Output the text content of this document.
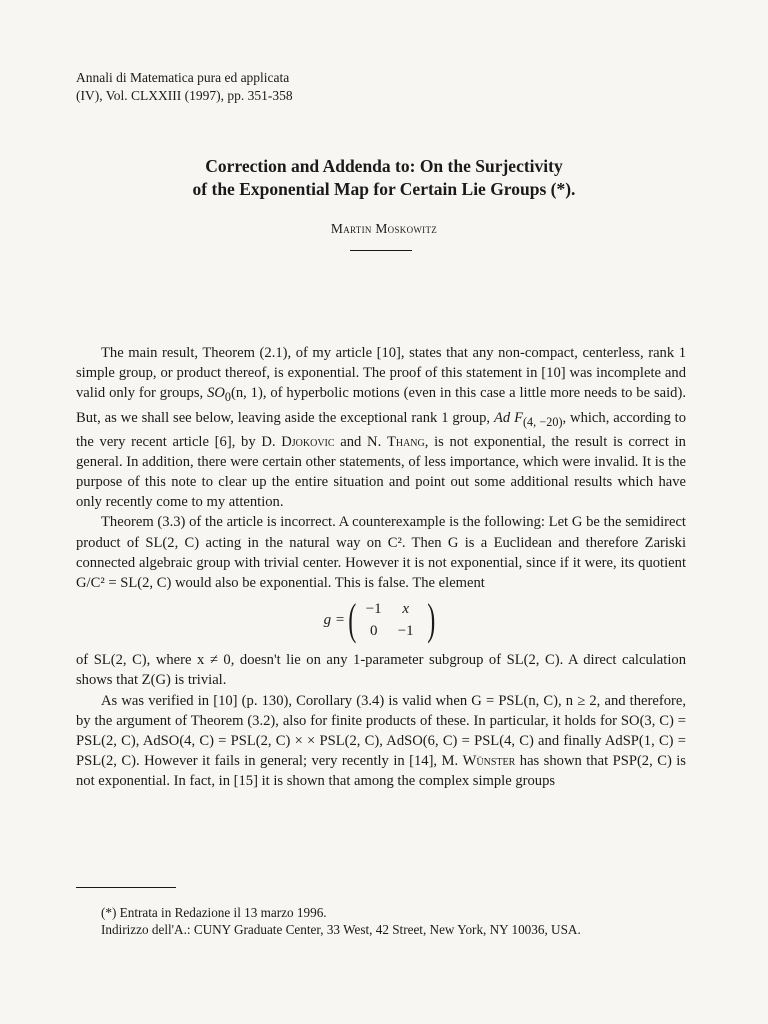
Annali di Matematica pura ed applicata
(IV), Vol. CLXXIII (1997), pp. 351-358
Correction and Addenda to: On the Surjectivity
of the Exponential Map for Certain Lie Groups (*).
Martin Moskowitz

The main result, Theorem (2.1), of my article [10], states that any non-compact, centerless, rank 1 simple group, or product thereof, is exponential. The proof of this statement in [10] was incomplete and valid only for groups, $SO_0(n$, 1), of hyperbolic motions (even in this case a little more needs to be said). But, as we shall see below, leaving aside the exceptional rank 1 group, Ad $F_{(4, -20)}$, which, according to the very recent article [6], by D. Djokovic and N. Thang, is not exponential, the result is correct in general. In addition, there were certain other statements, of less importance, which were invalid. It is the purpose of this note to clear up the entire situation and point out some additional results which have only recently come to my attention.

Theorem (3.3) of the article is incorrect. A counterexample is the following: Let G be the semidirect product of SL(2, C) acting in the natural way on C². Then G is a Euclidean and therefore Zariski connected algebraic group with trivial center. However it is not exponential, since if it were, its quotient G/C² = SL(2, C) would also be exponential. This is false. The element

g = ( −1	x
0	−1 )

of SL(2, C), where x ≠ 0, doesn't lie on any 1-parameter subgroup of SL(2, C). A direct calculation shows that Z(G) is trivial.

As was verified in [10] (p. 130), Corollary (3.4) is valid when G = PSL(n, C), n ≥ 2, and therefore, by the argument of Theorem (3.2), also for finite products of these. In particular, it holds for SO(3, C) = PSL(2, C), AdSO(4, C) = PSL(2, C) × × PSL(2, C), AdSO(6, C) = PSL(4, C) and finally AdSP(1, C) = PSL(2, C). However it fails in general; very recently in [14], M. Wünster has shown that PSP(2, C) is not exponential. In fact, in [15] it is shown that among the complex simple groups

(*) Entrata in Redazione il 13 marzo 1996.

Indirizzo dell'A.: CUNY Graduate Center, 33 West, 42 Street, New York, NY 10036, USA.
